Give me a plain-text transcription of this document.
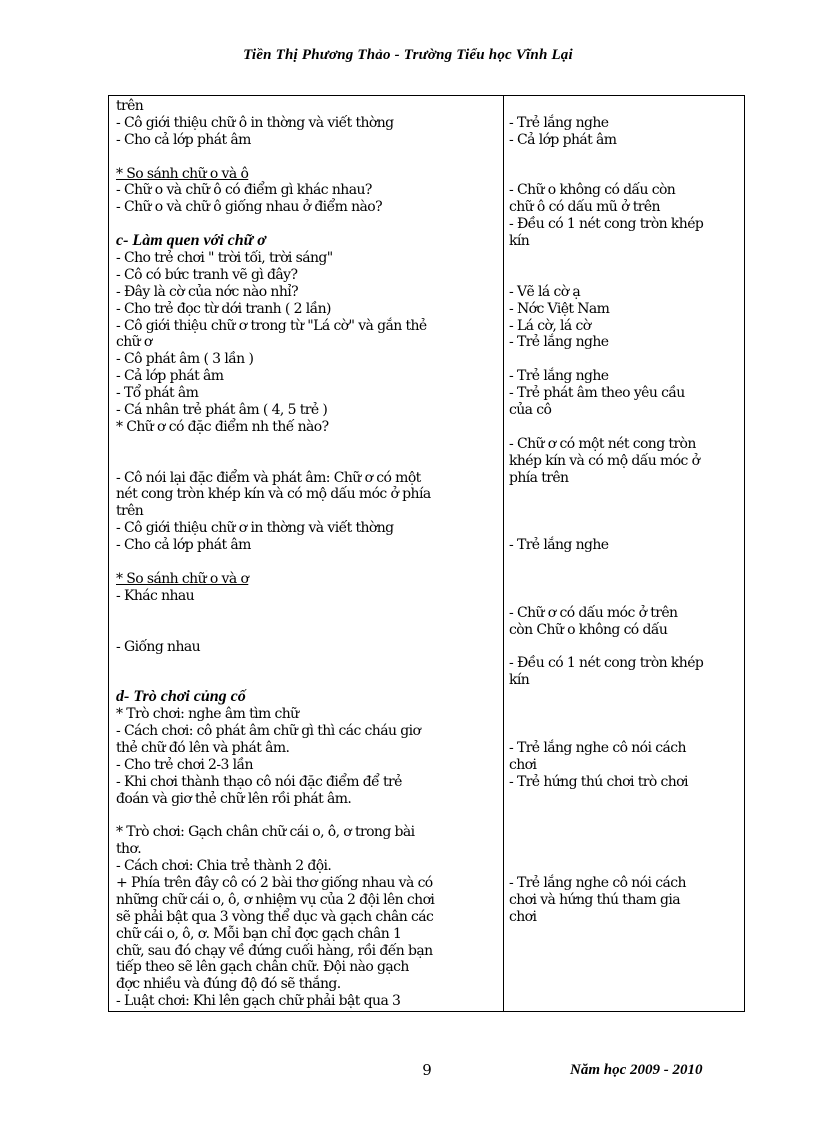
Tiền Thị Phương Thảo - Trường Tiểu học Vĩnh Lại
trên
- Cô giới thiệu chữ ô in thờng và viết thờng
- Cho cả lớp phát âm
* So sánh chữ o và ô
- Chữ o và chữ ô có điểm gì khác nhau?
- Chữ o và chữ ô giống nhau ở điểm nào?
c- Làm quen với chữ ơ
- Cho trẻ chơi " trời tối, trời sáng"
- Cô có bức tranh vẽ gì đây?
- Đây là cờ của nớc nào nhỉ?
- Cho trẻ đọc từ dới tranh ( 2 lần)
- Cô giới thiệu chữ ơ trong từ "Lá cờ" và gắn thẻ
chữ ơ
- Cô phát âm ( 3 lần )
- Cả lớp phát âm
- Tổ phát âm
- Cá nhân trẻ phát âm ( 4, 5 trẻ )
* Chữ ơ có đặc điểm nh thế nào?
- Cô nói lại đặc điểm và phát âm: Chữ ơ có một
nét cong tròn khép kín và có mộ dấu móc ở phía
trên
- Cô giới thiệu chữ ơ in thờng và viết thờng
- Cho cả lớp phát âm
* So sánh chữ o và ơ
- Khác nhau
- Giống nhau
d- Trò chơi củng cố
* Trò chơi: nghe âm tìm chữ
- Cách chơi: cô phát âm chữ gì thì các cháu giơ
thẻ chữ đó lên và phát âm.
- Cho trẻ chơi 2-3 lần
- Khi chơi thành thạo cô nói đặc điểm để trẻ
đoán và giơ thẻ chữ lên rồi phát âm.
* Trò chơi: Gạch chân chữ cái o, ô, ơ trong bài
thơ.
- Cách chơi: Chia trẻ thành 2 đội.
+ Phía trên đây cô có 2 bài thơ giống nhau và có
những chữ cái o, ô, ơ nhiệm vụ của 2 đội lên chơi
sẽ phải bật qua 3 vòng thể dục và gạch chân các
chữ cái o, ô, ơ. Mỗi bạn chỉ đợc gạch chân 1
chữ, sau đó chạy về đứng cuối hàng, rồi đến bạn
tiếp theo sẽ lên gạch chân chữ. Đội nào gạch
đợc nhiều và đúng độ đó sẽ thắng.
- Luật chơi: Khi lên gạch chữ phải bật qua 3
- Trẻ lắng nghe
- Cả lớp phát âm
- Chữ o không có dấu còn
chữ ô có dấu mũ ở trên
- Đều có 1 nét cong tròn khép
kín
- Vẽ lá cờ ạ
- Nớc Việt Nam
- Lá cờ, lá cờ
- Trẻ lắng nghe
- Trẻ lắng nghe
- Trẻ phát âm theo yêu cầu
của cô
- Chữ ơ có một nét cong tròn
khép kín và có mộ dấu móc ở
phía trên
- Trẻ lắng nghe
- Chữ ơ có dấu móc ở trên
còn Chữ o không có dấu
- Đều có 1 nét cong tròn khép
kín
- Trẻ lắng nghe cô nói cách
chơi
- Trẻ hứng thú chơi trò chơi
- Trẻ lắng nghe cô nói cách
chơi và hứng thú tham gia
chơi
9	Năm học 2009 - 2010
